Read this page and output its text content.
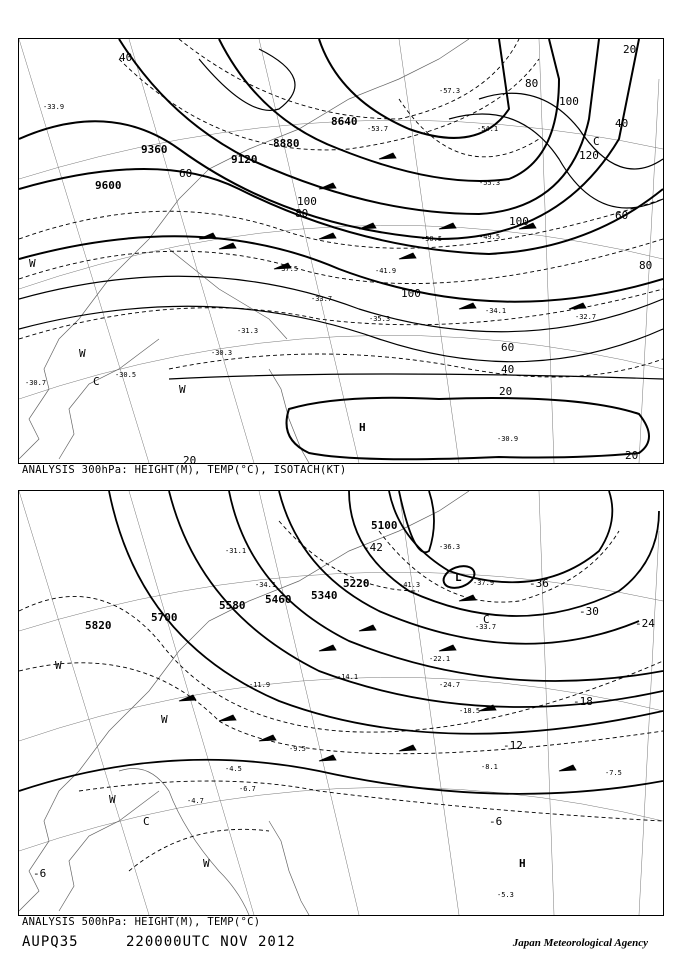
9600
9360
9120
8880
8640
20
20
40
40
60
60
80
80
100
100
100
120
20
20
40
60
80
100
-30.3
-30.5
-30.7
-31.3
-33.7
-34.1
-35.3
-37.5	-41.9
-49.5
-50.5
-53.7	-54.1
-57.3
-55.3
-30.9
-32.7
-33.9
W
W
W
C
C
H
ANALYSIS 300hPa: HEIGHT(M), TEMP(°C), ISOTACH(KT)
5820
5700
5580 5460 5340
5220
5100
-42
-36
-30
-24
-18
-12
-6
-6
-31.1
-34.1
-36.3
-41.3	-37.9
-33.7
-22.1
-24.7
-18.5
-14.1
-11.9
-9.5
-8.1
-7.5
-4.5
-4.7
-6.7
-5.3
W
W
W
W
C
C
L
H
ANALYSIS 500hPa: HEIGHT(M), TEMP(°C)
AUPQ35	220000UTC NOV 2012	Japan Meteorological Agency
